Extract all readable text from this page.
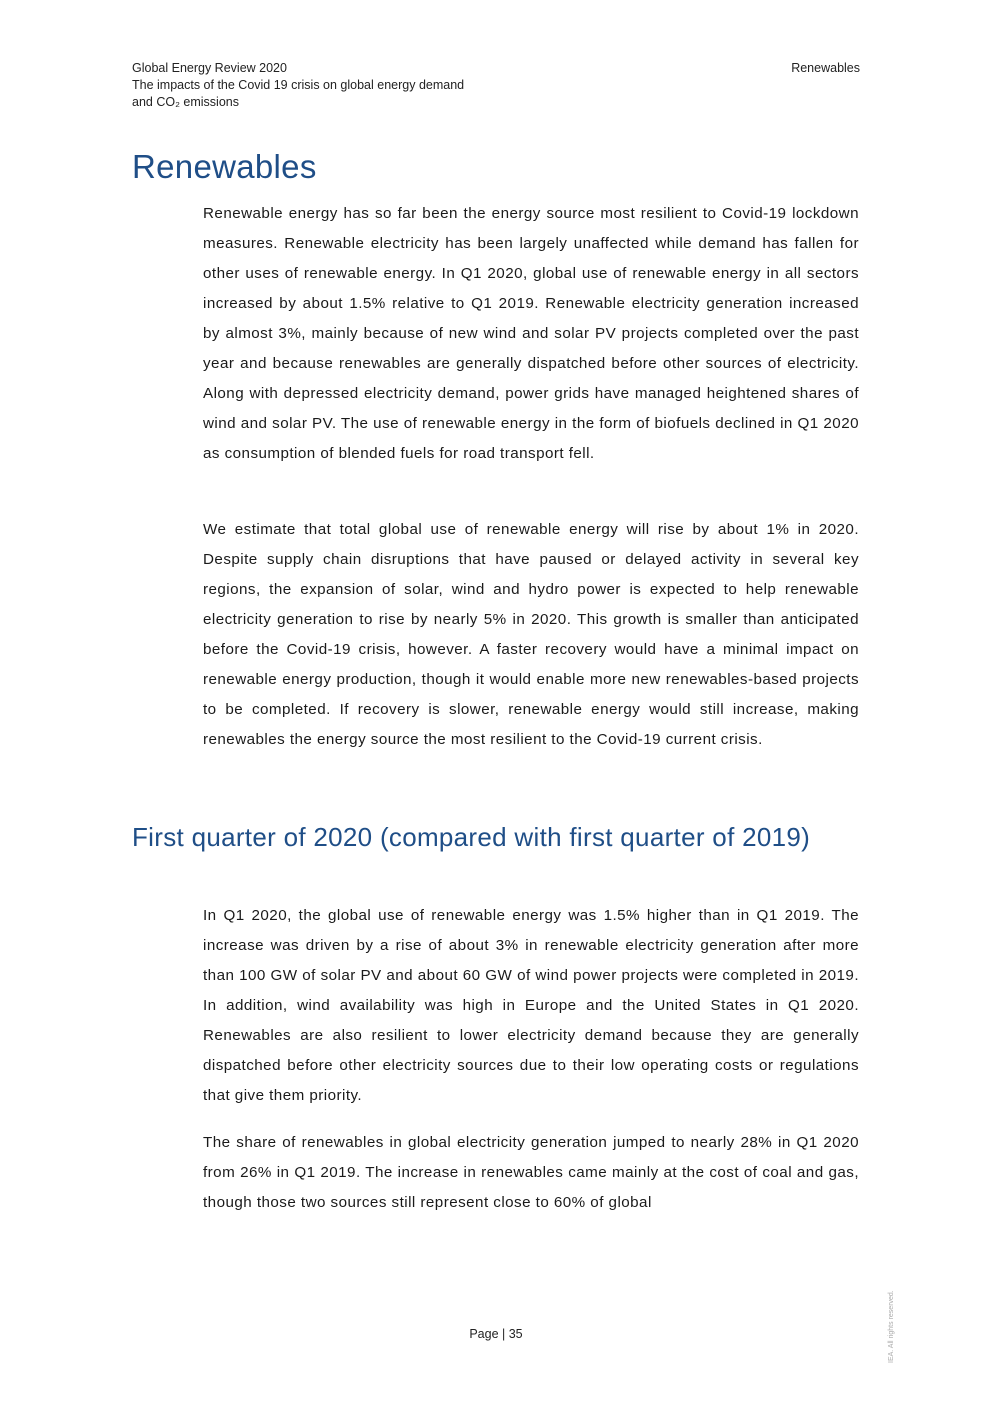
Global Energy Review 2020
The impacts of the Covid 19 crisis on global energy demand
and CO₂ emissions
Renewables
Renewables

Renewable energy has so far been the energy source most resilient to Covid-19 lockdown measures. Renewable electricity has been largely unaffected while demand has fallen for other uses of renewable energy. In Q1 2020, global use of renewable energy in all sectors increased by about 1.5% relative to Q1 2019. Renewable electricity generation increased by almost 3%, mainly because of new wind and solar PV projects completed over the past year and because renewables are generally dispatched before other sources of electricity. Along with depressed electricity demand, power grids have managed heightened shares of wind and solar PV. The use of renewable energy in the form of biofuels declined in Q1 2020 as consumption of blended fuels for road transport fell.

We estimate that total global use of renewable energy will rise by about 1% in 2020. Despite supply chain disruptions that have paused or delayed activity in several key regions, the expansion of solar, wind and hydro power is expected to help renewable electricity generation to rise by nearly 5% in 2020. This growth is smaller than anticipated before the Covid-19 crisis, however. A faster recovery would have a minimal impact on renewable energy production, though it would enable more new renewables-based projects to be completed. If recovery is slower, renewable energy would still increase, making renewables the energy source the most resilient to the Covid-19 current crisis.

First quarter of 2020 (compared with first quarter of 2019)

In Q1 2020, the global use of renewable energy was 1.5% higher than in Q1 2019. The increase was driven by a rise of about 3% in renewable electricity generation after more than 100 GW of solar PV and about 60 GW of wind power projects were completed in 2019. In addition, wind availability was high in Europe and the United States in Q1 2020. Renewables are also resilient to lower electricity demand because they are generally dispatched before other electricity sources due to their low operating costs or regulations that give them priority.

The share of renewables in global electricity generation jumped to nearly 28% in Q1 2020 from 26% in Q1 2019. The increase in renewables came mainly at the cost of coal and gas, though those two sources still represent close to 60% of global

Page | 35	IEA. All rights reserved.
